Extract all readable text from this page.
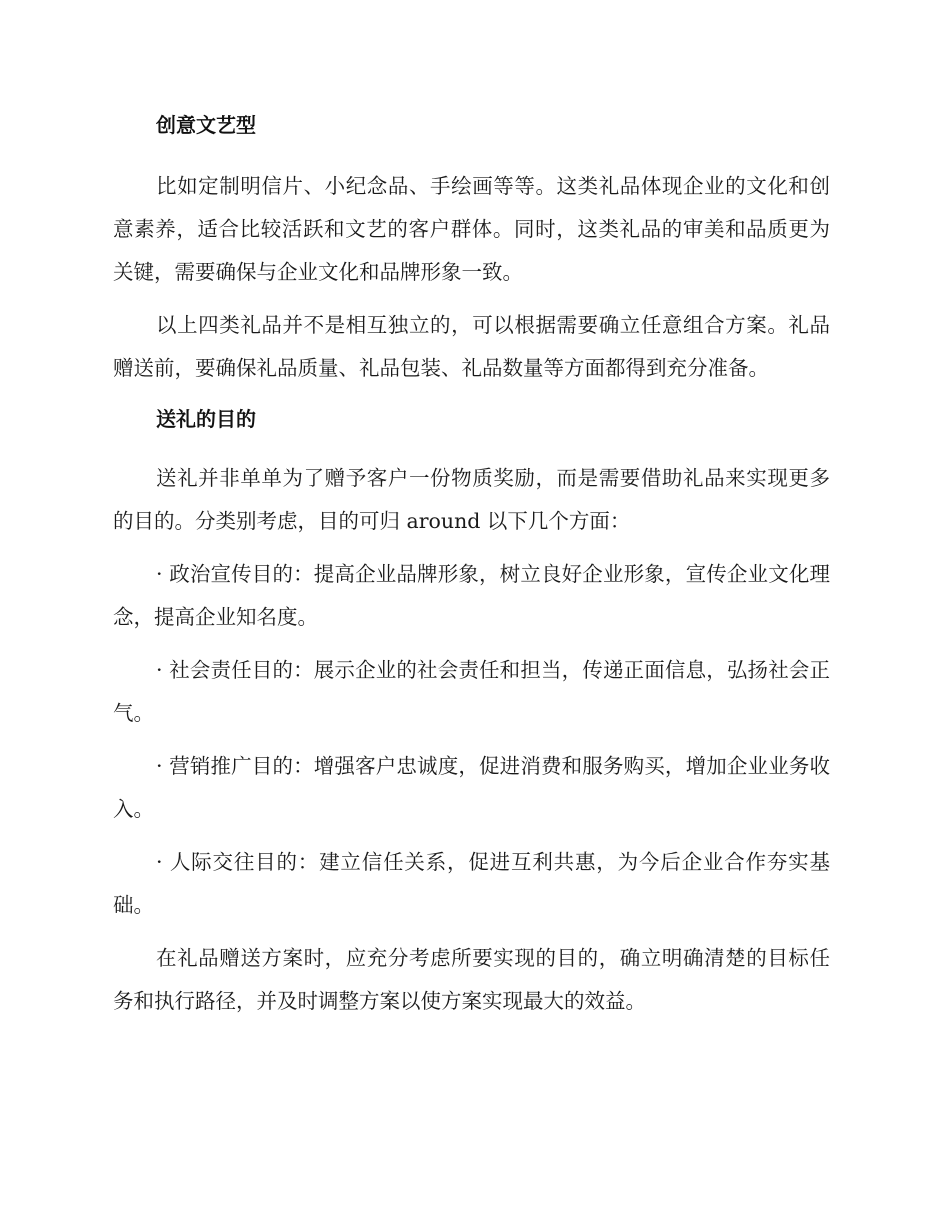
创意文艺型

比如定制明信片、小纪念品、手绘画等等。这类礼品体现企业的文化和创意素养，适合比较活跃和文艺的客户群体。同时，这类礼品的审美和品质更为关键，需要确保与企业文化和品牌形象一致。

以上四类礼品并不是相互独立的，可以根据需要确立任意组合方案。礼品赠送前，要确保礼品质量、礼品包装、礼品数量等方面都得到充分准备。

送礼的目的

送礼并非单单为了赠予客户一份物质奖励，而是需要借助礼品来实现更多的目的。分类别考虑，目的可归 around 以下几个方面：

· 政治宣传目的：提高企业品牌形象，树立良好企业形象，宣传企业文化理念，提高企业知名度。

· 社会责任目的：展示企业的社会责任和担当，传递正面信息，弘扬社会正气。

· 营销推广目的：增强客户忠诚度，促进消费和服务购买，增加企业业务收入。

· 人际交往目的：建立信任关系，促进互利共惠，为今后企业合作夯实基础。

在礼品赠送方案时，应充分考虑所要实现的目的，确立明确清楚的目标任务和执行路径，并及时调整方案以使方案实现最大的效益。
